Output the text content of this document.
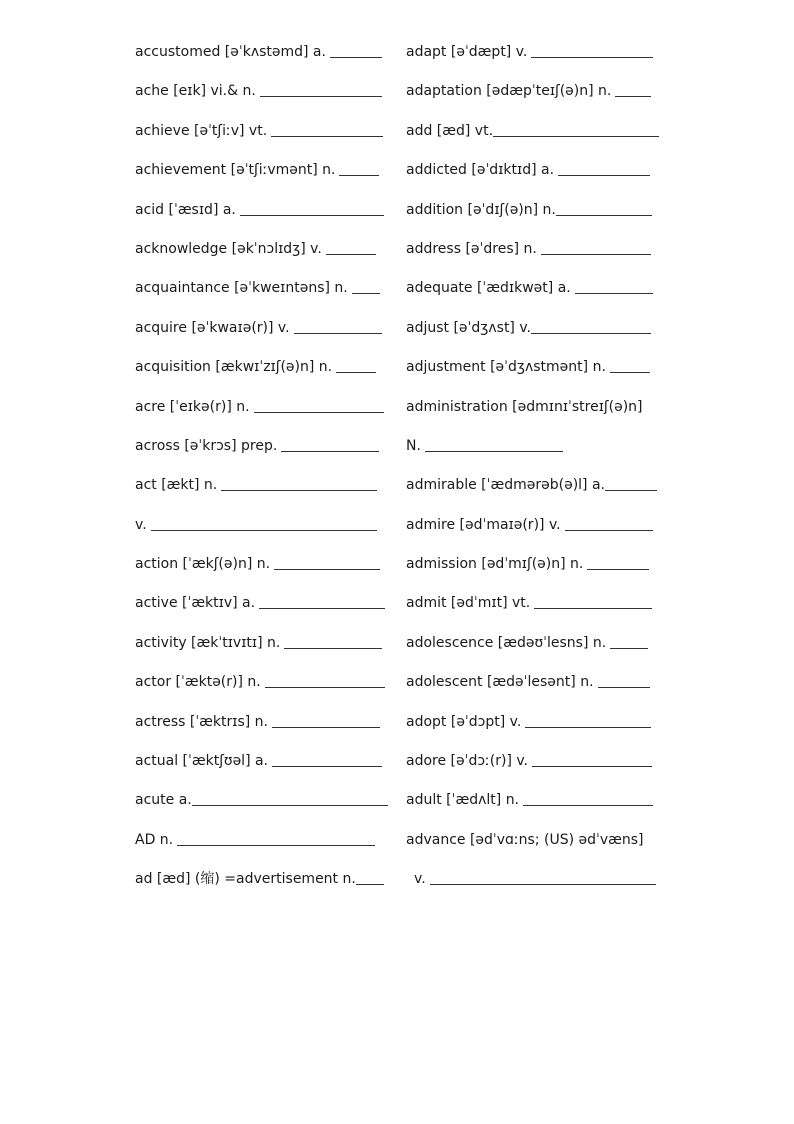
accustomed [əˈkʌstəmd] a.
ache [eɪk] vi.& n.
achieve [əˈtʃiːv] vt.
achievement [əˈtʃiːvmənt] n.
acid [ˈæsɪd] a.
acknowledge [əkˈnɔlɪdʒ] v.
acquaintance [əˈkweɪntəns] n.
acquire [əˈkwaɪə(r)] v.
acquisition [ækwɪˈzɪʃ(ə)n] n.
acre [ˈeɪkə(r)] n.
across [əˈkrɔs] prep.
act [ækt] n.
v.
action [ˈækʃ(ə)n] n.
active [ˈæktɪv] a.
activity [ækˈtɪvɪtɪ] n.
actor [ˈæktə(r)] n.
actress [ˈæktrɪs] n.
actual [ˈæktʃʊəl] a.
acute a.
AD n.
ad [æd] (缩) =advertisement n.
adapt [əˈdæpt] v.
adaptation [ədæpˈteɪʃ(ə)n] n.
add [æd] vt.
addicted [əˈdɪktɪd] a.
addition [əˈdɪʃ(ə)n] n.
address [əˈdres] n.
adequate [ˈædɪkwət] a.
adjust [əˈdʒʌst] v.
adjustment [əˈdʒʌstmənt] n.
administration [ədmɪnɪˈstreɪʃ(ə)n]
N.
admirable [ˈædmərəb(ə)l] a.
admire [ədˈmaɪə(r)] v.
admission [ədˈmɪʃ(ə)n] n.
admit [ədˈmɪt] vt.
adolescence [ædəʊˈlesns] n.
adolescent [ædəˈlesənt] n.
adopt [əˈdɔpt] v.
adore [əˈdɔː(r)] v.
adult [ˈædʌlt] n.
advance [ədˈvɑːns; (US) ədˈvæns]
v.
